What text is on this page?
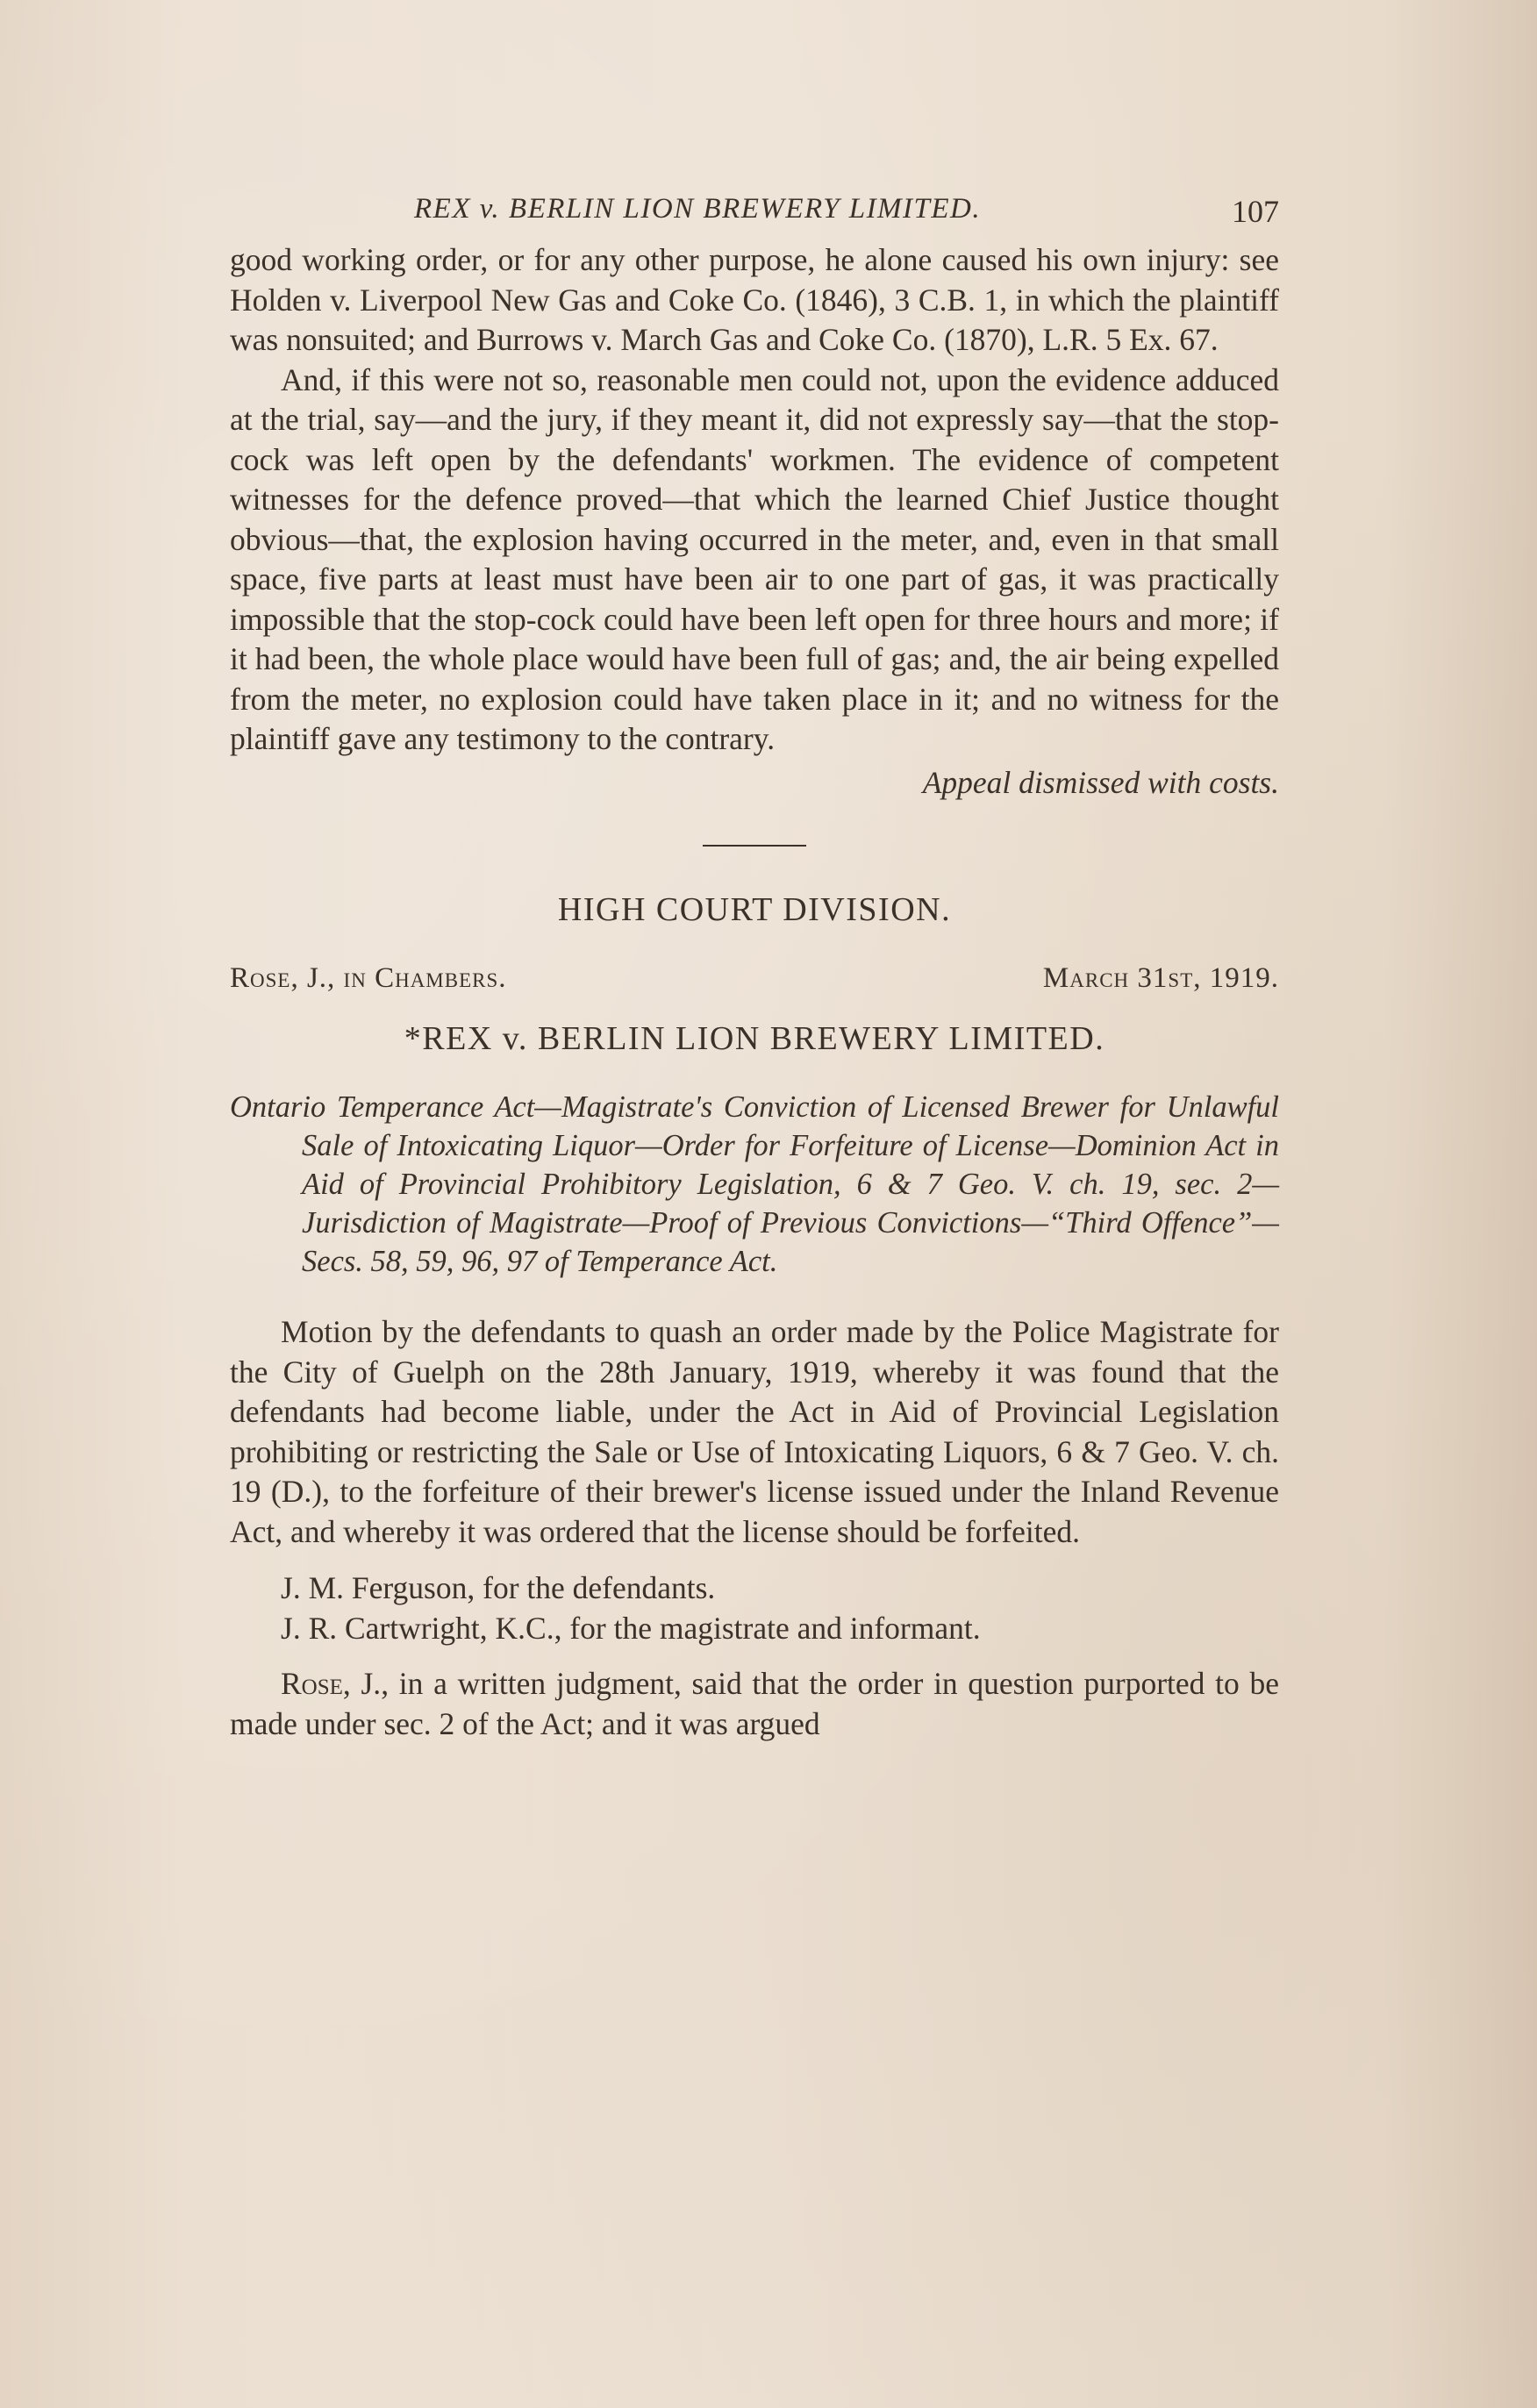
REX v. BERLIN LION BREWERY LIMITED.	107

good working order, or for any other purpose, he alone caused his own injury: see Holden v. Liverpool New Gas and Coke Co. (1846), 3 C.B. 1, in which the plaintiff was nonsuited; and Burrows v. March Gas and Coke Co. (1870), L.R. 5 Ex. 67.

And, if this were not so, reasonable men could not, upon the evidence adduced at the trial, say—and the jury, if they meant it, did not expressly say—that the stop-cock was left open by the defendants' workmen. The evidence of competent witnesses for the defence proved—that which the learned Chief Justice thought obvious—that, the explosion having occurred in the meter, and, even in that small space, five parts at least must have been air to one part of gas, it was practically impossible that the stop-cock could have been left open for three hours and more; if it had been, the whole place would have been full of gas; and, the air being expelled from the meter, no explosion could have taken place in it; and no witness for the plaintiff gave any testimony to the contrary.

Appeal dismissed with costs.

HIGH COURT DIVISION.
Rose, J., in Chambers.	March 31st, 1919.
*REX v. BERLIN LION BREWERY LIMITED.
Ontario Temperance Act—Magistrate's Conviction of Licensed Brewer for Unlawful Sale of Intoxicating Liquor—Order for Forfeiture of License—Dominion Act in Aid of Provincial Prohibitory Legislation, 6 & 7 Geo. V. ch. 19, sec. 2—Jurisdiction of Magistrate—Proof of Previous Convictions—“Third Offence”—Secs. 58, 59, 96, 97 of Temperance Act.

Motion by the defendants to quash an order made by the Police Magistrate for the City of Guelph on the 28th January, 1919, whereby it was found that the defendants had become liable, under the Act in Aid of Provincial Legislation prohibiting or restricting the Sale or Use of Intoxicating Liquors, 6 & 7 Geo. V. ch. 19 (D.), to the forfeiture of their brewer's license issued under the Inland Revenue Act, and whereby it was ordered that the license should be forfeited.

J. M. Ferguson, for the defendants.

J. R. Cartwright, K.C., for the magistrate and informant.

Rose, J., in a written judgment, said that the order in question purported to be made under sec. 2 of the Act; and it was argued
